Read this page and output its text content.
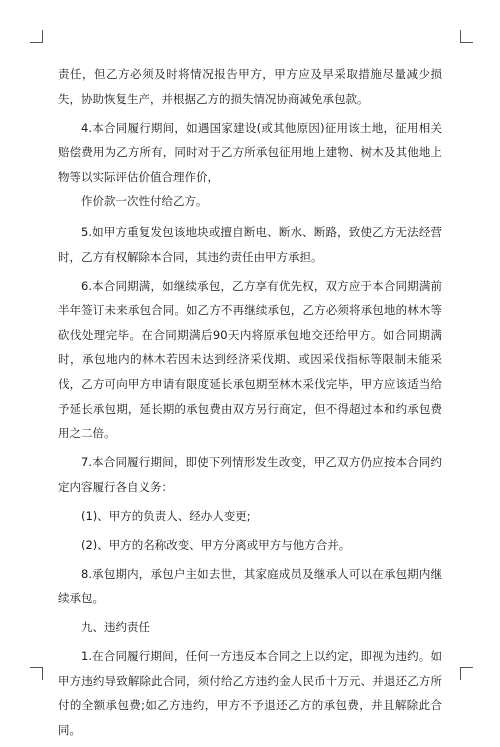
责任，但乙方必须及时将情况报告甲方，甲方应及早采取措施尽量减少损失，协助恢复生产，并根据乙方的损失情况协商减免承包款。

4.本合同履行期间，如遇国家建设(或其他原因)征用该土地，征用相关赔偿费用为乙方所有，同时对于乙方所承包征用地上建物、树木及其他地上物等以实际评估价值合理作价，

作价款一次性付给乙方。

5.如甲方重复发包该地块或擅自断电、断水、断路，致使乙方无法经营时，乙方有权解除本合同，其违约责任由甲方承担。

6.本合同期满，如继续承包，乙方享有优先权，双方应于本合同期满前半年签订未来承包合同。如乙方不再继续承包，乙方必须将承包地的林木等砍伐处理完毕。在合同期满后90天内将原承包地交还给甲方。如合同期满时，承包地内的林木若因未达到经济采伐期、或因采伐指标等限制未能采伐，乙方可向甲方申请有限度延长承包期至林木采伐完毕，甲方应该适当给予延长承包期，延长期的承包费由双方另行商定，但不得超过本和约承包费用之二倍。

7.本合同履行期间，即使下列情形发生改变，甲乙双方仍应按本合同约定内容履行各自义务：

(1)、甲方的负责人、经办人变更;

(2)、甲方的名称改变、甲方分离或甲方与他方合并。

8.承包期内，承包户主如去世，其家庭成员及继承人可以在承包期内继续承包。

九、违约责任

1.在合同履行期间，任何一方违反本合同之上以约定，即视为违约。如甲方违约导致解除此合同，须付给乙方违约金人民币十万元、并退还乙方所付的全额承包费;如乙方违约，甲方不予退还乙方的承包费，并且解除此合同。
